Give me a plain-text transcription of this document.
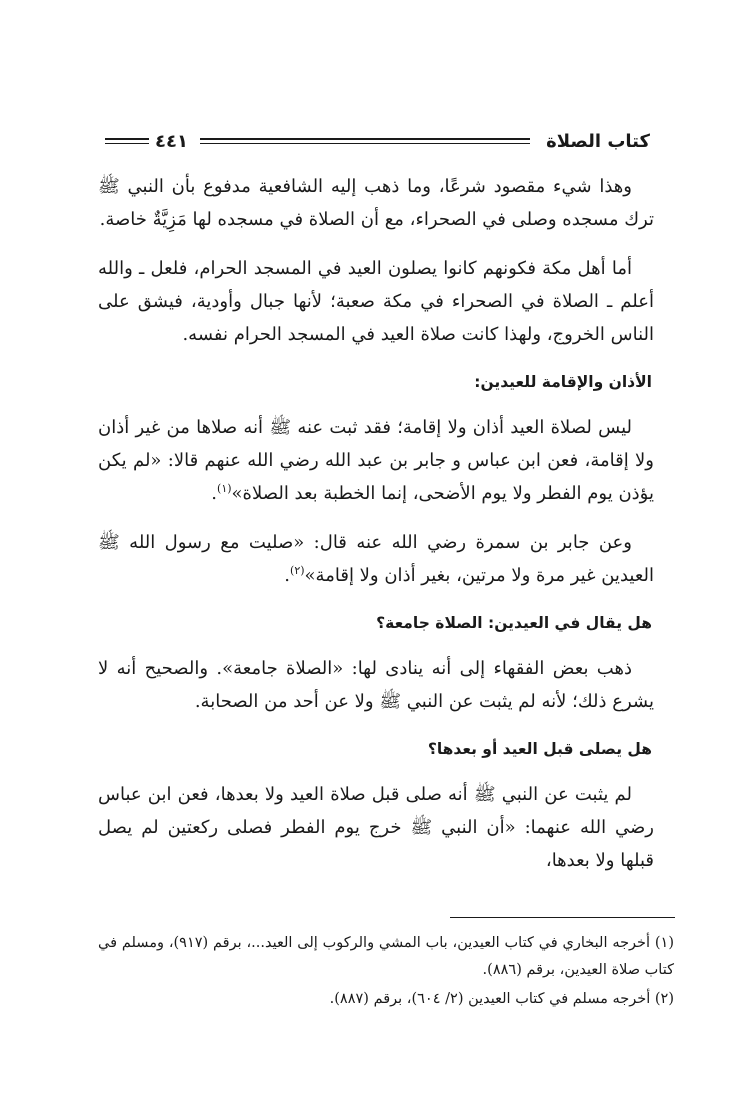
كتاب الصلاة
٤٤١

وهذا شيء مقصود شرعًا، وما ذهب إليه الشافعية مدفوع بأن النبي ﷺ ترك مسجده وصلى في الصحراء، مع أن الصلاة في مسجده لها مَزِيَّةٌ خاصة.

أما أهل مكة فكونهم كانوا يصلون العيد في المسجد الحرام، فلعل ـ والله أعلم ـ الصلاة في الصحراء في مكة صعبة؛ لأنها جبال وأودية، فيشق على الناس الخروج، ولهذا كانت صلاة العيد في المسجد الحرام نفسه.

الأذان والإقامة للعيدين:

ليس لصلاة العيد أذان ولا إقامة؛ فقد ثبت عنه ﷺ أنه صلاها من غير أذان ولا إقامة، فعن ابن عباس و جابر بن عبد الله رضي الله عنهم قالا: «لم يكن يؤذن يوم الفطر ولا يوم الأضحى، إنما الخطبة بعد الصلاة»$^{(١)}$.

وعن جابر بن سمرة رضي الله عنه قال: «صليت مع رسول الله ﷺ العيدين غير مرة ولا مرتين، بغير أذان ولا إقامة»$^{(٢)}$.

هل يقال في العيدين: الصلاة جامعة؟

ذهب بعض الفقهاء إلى أنه ينادى لها: «الصلاة جامعة». والصحيح أنه لا يشرع ذلك؛ لأنه لم يثبت عن النبي ﷺ ولا عن أحد من الصحابة.

هل يصلى قبل العيد أو بعدها؟

لم يثبت عن النبي ﷺ أنه صلى قبل صلاة العيد ولا بعدها، فعن ابن عباس رضي الله عنهما: «أن النبي ﷺ خرج يوم الفطر فصلى ركعتين لم يصل قبلها ولا بعدها،

(١) أخرجه البخاري في كتاب العيدين، باب المشي والركوب إلى العيد...، برقم (٩١٧)، ومسلم في كتاب صلاة العيدين، برقم (٨٨٦).

(٢) أخرجه مسلم في كتاب العيدين (٢/ ٦٠٤)، برقم (٨٨٧).
